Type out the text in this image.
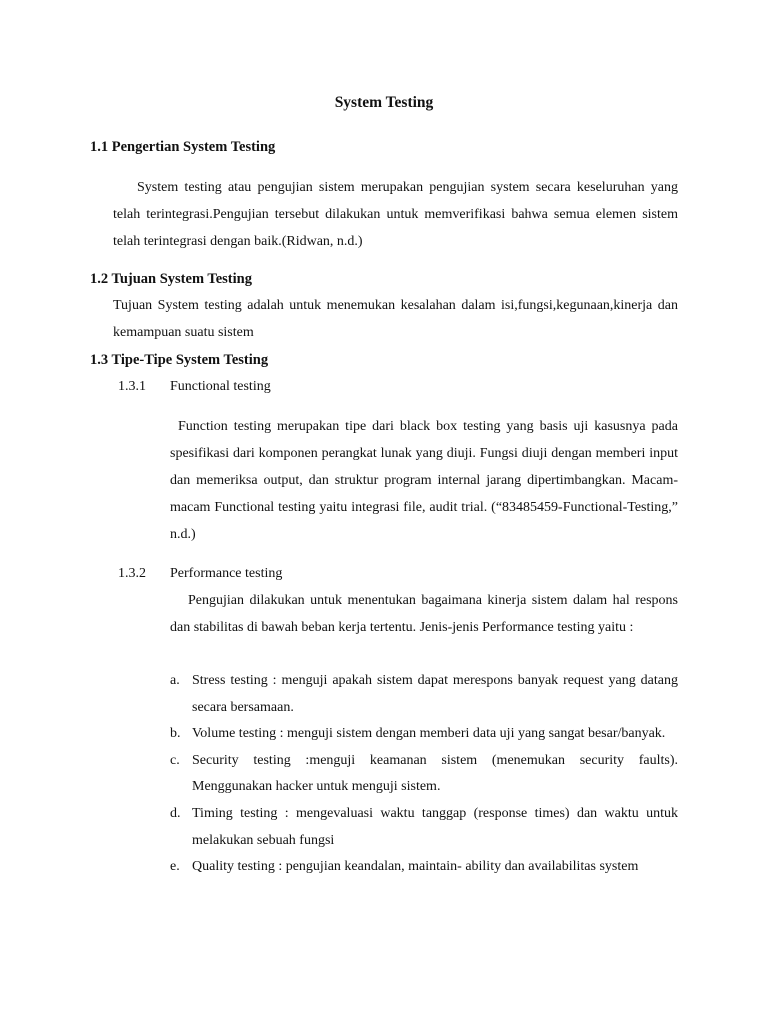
System Testing
1.1 Pengertian System Testing

System testing atau pengujian sistem merupakan pengujian system secara keseluruhan yang telah terintegrasi.Pengujian tersebut dilakukan untuk memverifikasi bahwa semua elemen sistem telah terintegrasi dengan baik.(Ridwan, n.d.)

1.2 Tujuan System Testing

Tujuan System testing adalah untuk menemukan kesalahan dalam isi,fungsi,kegunaan,kinerja dan kemampuan suatu sistem

1.3 Tipe-Tipe System Testing
1.3.1 Functional testing

Function testing merupakan tipe dari black box testing yang basis uji kasusnya pada spesifikasi dari komponen perangkat lunak yang diuji. Fungsi diuji dengan memberi input dan memeriksa output, dan struktur program internal jarang dipertimbangkan. Macam-macam Functional testing yaitu integrasi file, audit trial. (“83485459-Functional-Testing,” n.d.)

1.3.2 Performance testing

Pengujian dilakukan untuk menentukan bagaimana kinerja sistem dalam hal respons dan stabilitas di bawah beban kerja tertentu. Jenis-jenis Performance testing yaitu :

a. Stress testing : menguji apakah sistem dapat merespons banyak request yang datang secara bersamaan.
b. Volume testing : menguji sistem dengan memberi data uji yang sangat besar/banyak.
c. Security testing :menguji keamanan sistem (menemukan security faults). Menggunakan hacker untuk menguji sistem.
d. Timing testing : mengevaluasi waktu tanggap (response times) dan waktu untuk melakukan sebuah fungsi
e. Quality testing : pengujian keandalan, maintain- ability dan availabilitas system
